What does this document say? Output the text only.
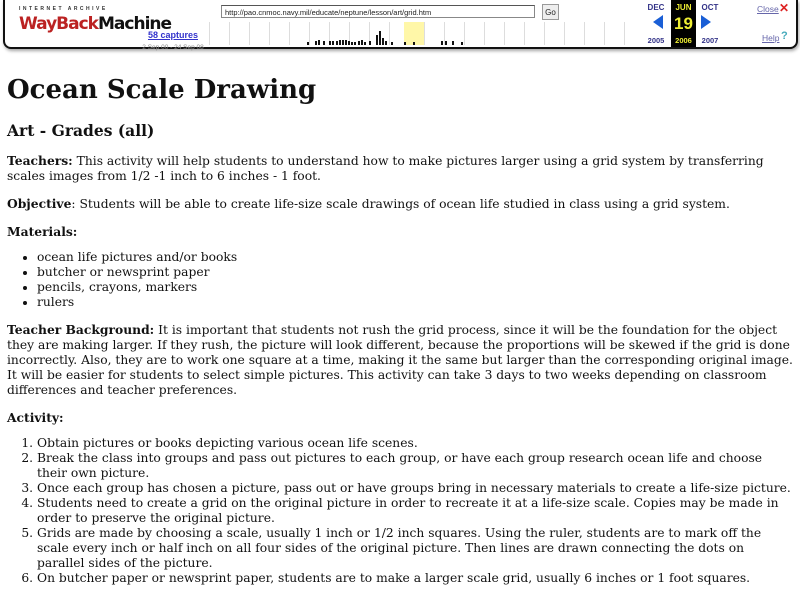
INTERNET ARCHIVE
WayBackMachine
58 captures
2 Sep 00 - 24 Sep 08
http://pao.cnmoc.navy.mil/educate/neptune/lesson/art/grid.htm	Go
DEC
2005
JUN
19
2006
OCT
2007
Close ✕
Help ?
Ocean Scale Drawing
Art - Grades (all)

Teachers: This activity will help students to understand how to make pictures larger using a grid system by transferring scales images from 1/2 -1 inch to 6 inches - 1 foot.

Objective: Students will be able to create life-size scale drawings of ocean life studied in class using a grid system.

Materials:
• ocean life pictures and/or books
• butcher or newsprint paper
• pencils, crayons, markers
• rulers

Teacher Background: It is important that students not rush the grid process, since it will be the foundation for the object they are making larger. If they rush, the picture will look different, because the proportions will be skewed if the grid is done incorrectly. Also, they are to work one square at a time, making it the same but larger than the corresponding original image. It will be easier for students to select simple pictures. This activity can take 3 days to two weeks depending on classroom differences and teacher preferences.

Activity:
1. Obtain pictures or books depicting various ocean life scenes.
2. Break the class into groups and pass out pictures to each group, or have each group research ocean life and choose their own picture.
3. Once each group has chosen a picture, pass out or have groups bring in necessary materials to create a life-size picture.
4. Students need to create a grid on the original picture in order to recreate it at a life-size scale. Copies may be made in order to preserve the original picture.
5. Grids are made by choosing a scale, usually 1 inch or 1/2 inch squares. Using the ruler, students are to mark off the scale every inch or half inch on all four sides of the original picture. Then lines are drawn connecting the dots on parallel sides of the picture.
6. On butcher paper or newsprint paper, students are to make a larger scale grid, usually 6 inches or 1 foot squares.
